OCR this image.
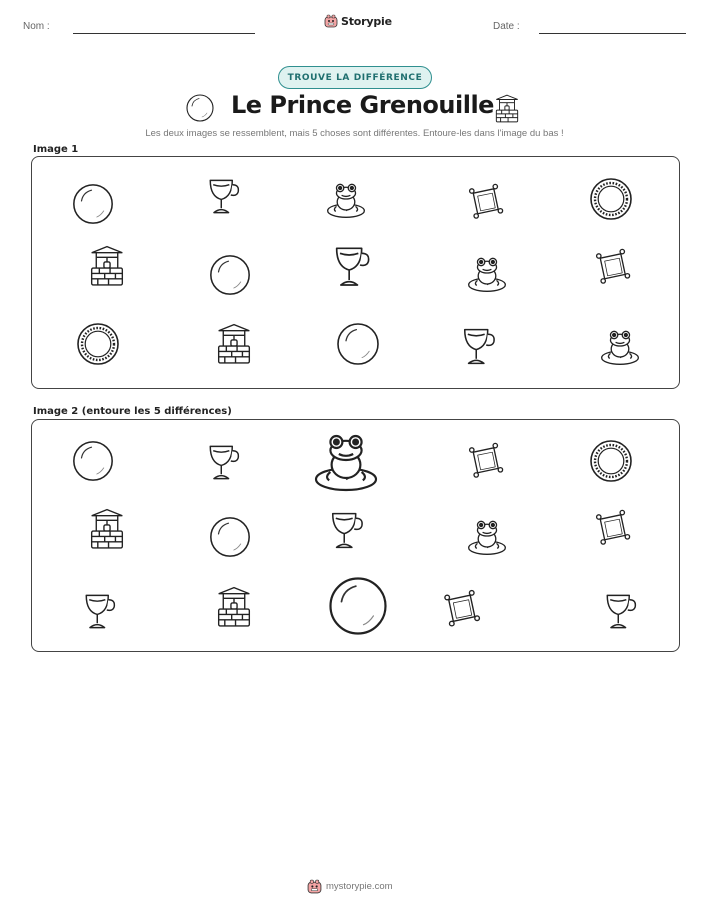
Nom :	Storypie	Date :
TROUVE LA DIFFÉRENCE
Le Prince Grenouille
Les deux images se ressemblent, mais 5 choses sont différentes. Entoure-les dans l'image du bas !
Image 1
Image 2 (entoure les 5 différences)
mystorypie.com
